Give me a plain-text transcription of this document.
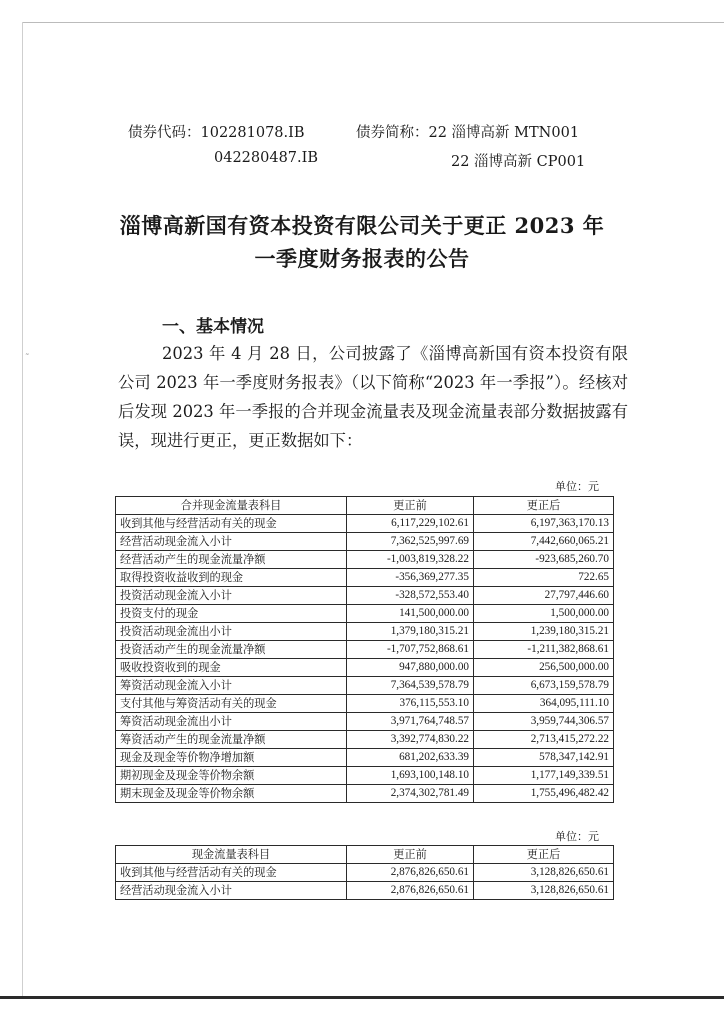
˷
债券代码：102281078.IB	债券简称：22 淄博高新 MTN001
042280487.IB	22 淄博高新 CP001
淄博高新国有资本投资有限公司关于更正 2023 年
一季度财务报表的公告
一、基本情况
2023 年 4 月 28 日，公司披露了《淄博高新国有资本投资有限公司 2023 年一季度财务报表》（以下简称“2023 年一季报”）。经核对后发现 2023 年一季报的合并现金流量表及现金流量表部分数据披露有误，现进行更正，更正数据如下：
单位：元
合并现金流量表科目	更正前	更正后
收到其他与经营活动有关的现金	6,117,229,102.61	6,197,363,170.13
经营活动现金流入小计	7,362,525,997.69	7,442,660,065.21
经营活动产生的现金流量净额	-1,003,819,328.22	-923,685,260.70
取得投资收益收到的现金	-356,369,277.35	722.65
投资活动现金流入小计	-328,572,553.40	27,797,446.60
投资支付的现金	141,500,000.00	1,500,000.00
投资活动现金流出小计	1,379,180,315.21	1,239,180,315.21
投资活动产生的现金流量净额	-1,707,752,868.61	-1,211,382,868.61
吸收投资收到的现金	947,880,000.00	256,500,000.00
筹资活动现金流入小计	7,364,539,578.79	6,673,159,578.79
支付其他与筹资活动有关的现金	376,115,553.10	364,095,111.10
筹资活动现金流出小计	3,971,764,748.57	3,959,744,306.57
筹资活动产生的现金流量净额	3,392,774,830.22	2,713,415,272.22
现金及现金等价物净增加额	681,202,633.39	578,347,142.91
期初现金及现金等价物余额	1,693,100,148.10	1,177,149,339.51
期末现金及现金等价物余额	2,374,302,781.49	1,755,496,482.42
单位：元
现金流量表科目	更正前	更正后
收到其他与经营活动有关的现金	2,876,826,650.61	3,128,826,650.61
经营活动现金流入小计	2,876,826,650.61	3,128,826,650.61
